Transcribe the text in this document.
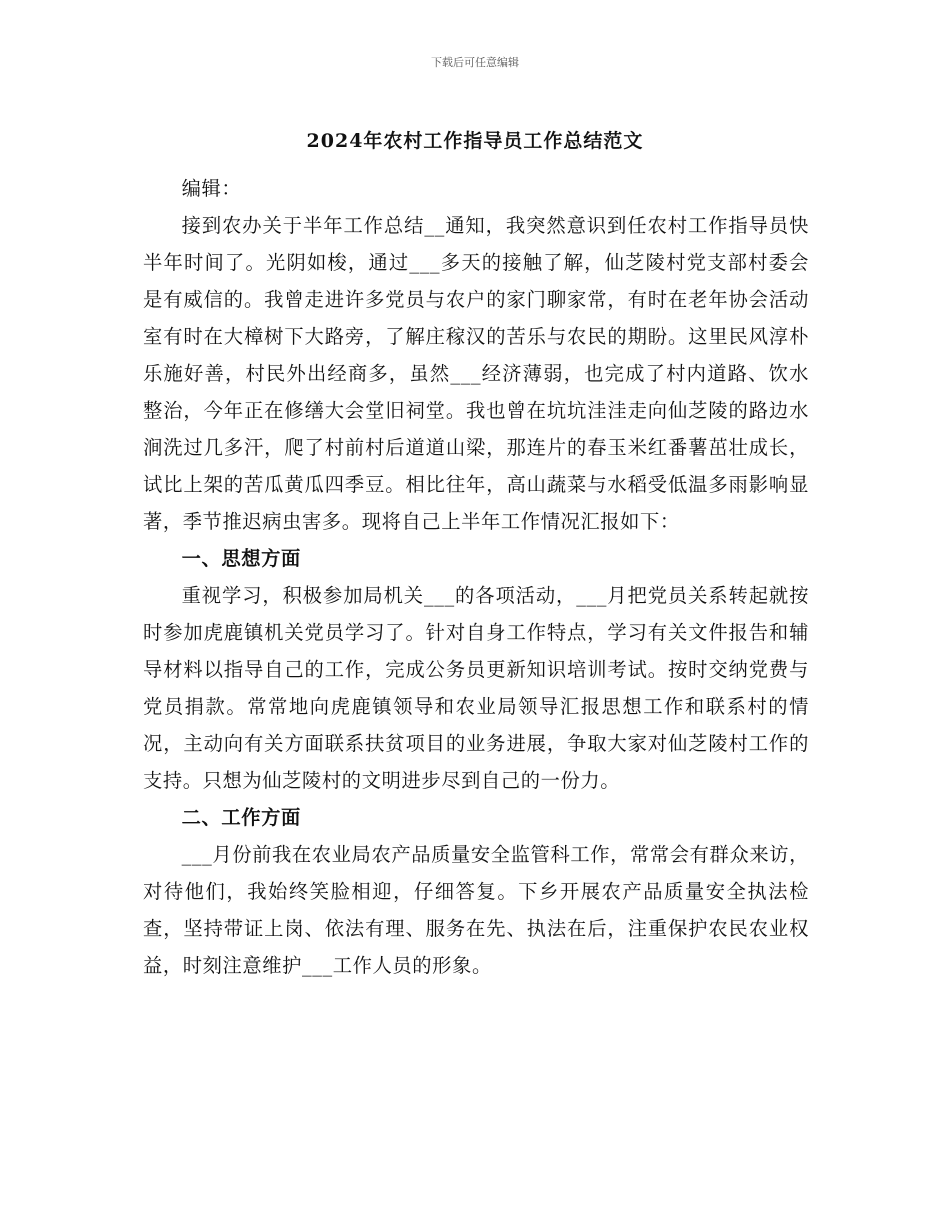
下载后可任意编辑
2024年农村工作指导员工作总结范文

编辑：

接到农办关于半年工作总结__通知，我突然意识到任农村工作指导员快半年时间了。光阴如梭，通过___多天的接触了解，仙芝陵村党支部村委会是有威信的。我曾走进许多党员与农户的家门聊家常，有时在老年协会活动室有时在大樟树下大路旁，了解庄稼汉的苦乐与农民的期盼。这里民风淳朴乐施好善，村民外出经商多，虽然___经济薄弱，也完成了村内道路、饮水整治，今年正在修缮大会堂旧祠堂。我也曾在坑坑洼洼走向仙芝陵的路边水涧洗过几多汗，爬了村前村后道道山梁，那连片的春玉米红番薯茁壮成长，试比上架的苦瓜黄瓜四季豆。相比往年，高山蔬菜与水稻受低温多雨影响显著，季节推迟病虫害多。现将自己上半年工作情况汇报如下：

一、思想方面

重视学习，积极参加局机关___的各项活动，___月把党员关系转起就按时参加虎鹿镇机关党员学习了。针对自身工作特点，学习有关文件报告和辅导材料以指导自己的工作，完成公务员更新知识培训考试。按时交纳党费与党员捐款。常常地向虎鹿镇领导和农业局领导汇报思想工作和联系村的情况，主动向有关方面联系扶贫项目的业务进展，争取大家对仙芝陵村工作的支持。只想为仙芝陵村的文明进步尽到自己的一份力。

二、工作方面

___月份前我在农业局农产品质量安全监管科工作，常常会有群众来访，对待他们，我始终笑脸相迎，仔细答复。下乡开展农产品质量安全执法检查，坚持带证上岗、依法有理、服务在先、执法在后，注重保护农民农业权益，时刻注意维护___工作人员的形象。
